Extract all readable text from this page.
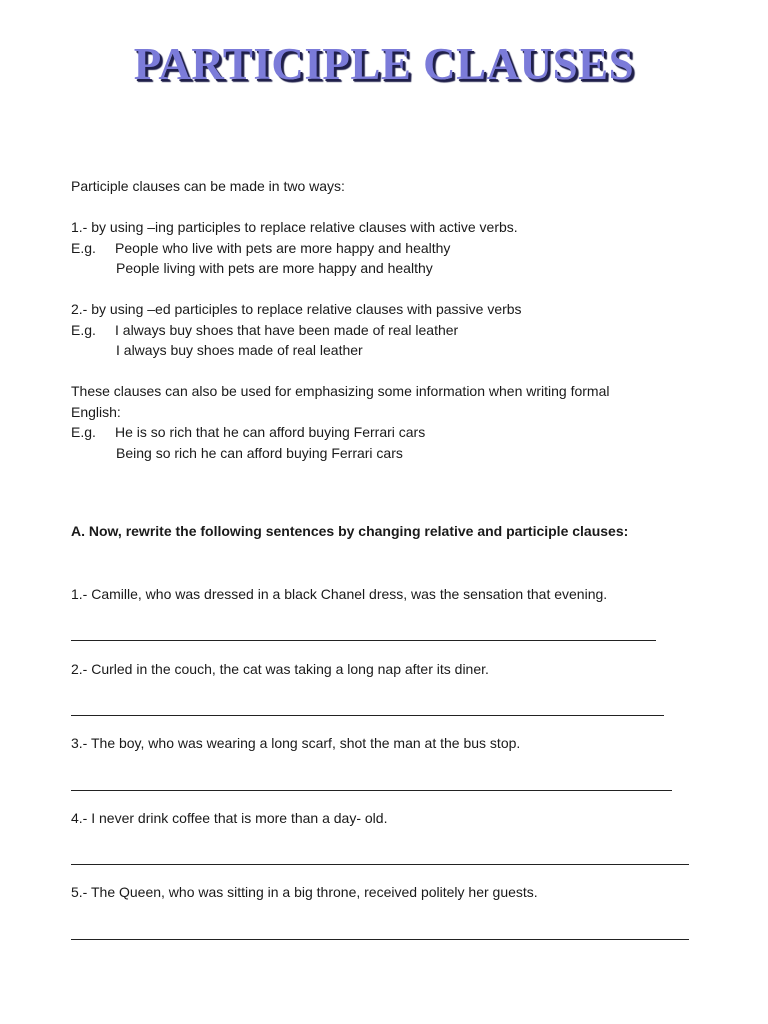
PARTICIPLE CLAUSES
Participle clauses can be made in two ways:
1.- by using –ing participles to replace relative clauses with active verbs.
E.g. People who live with pets are more happy and healthy
People living with pets are more happy and healthy
2.- by using –ed participles to replace relative clauses with passive verbs
E.g. I always buy shoes that have been made of real leather
I always buy shoes made of real leather
These clauses can also be used for emphasizing some information when writing formal
English:
E.g. He is so rich that he can afford buying Ferrari cars
Being so rich he can afford buying Ferrari cars
A. Now, rewrite the following sentences by changing relative and participle clauses:
1.- Camille, who was dressed in a black Chanel dress, was the sensation that evening.
2.- Curled in the couch, the cat was taking a long nap after its diner.
3.- The boy, who was wearing a long scarf, shot the man at the bus stop.
4.- I never drink coffee that is more than a day- old.
5.- The Queen, who was sitting in a big throne, received politely her guests.
